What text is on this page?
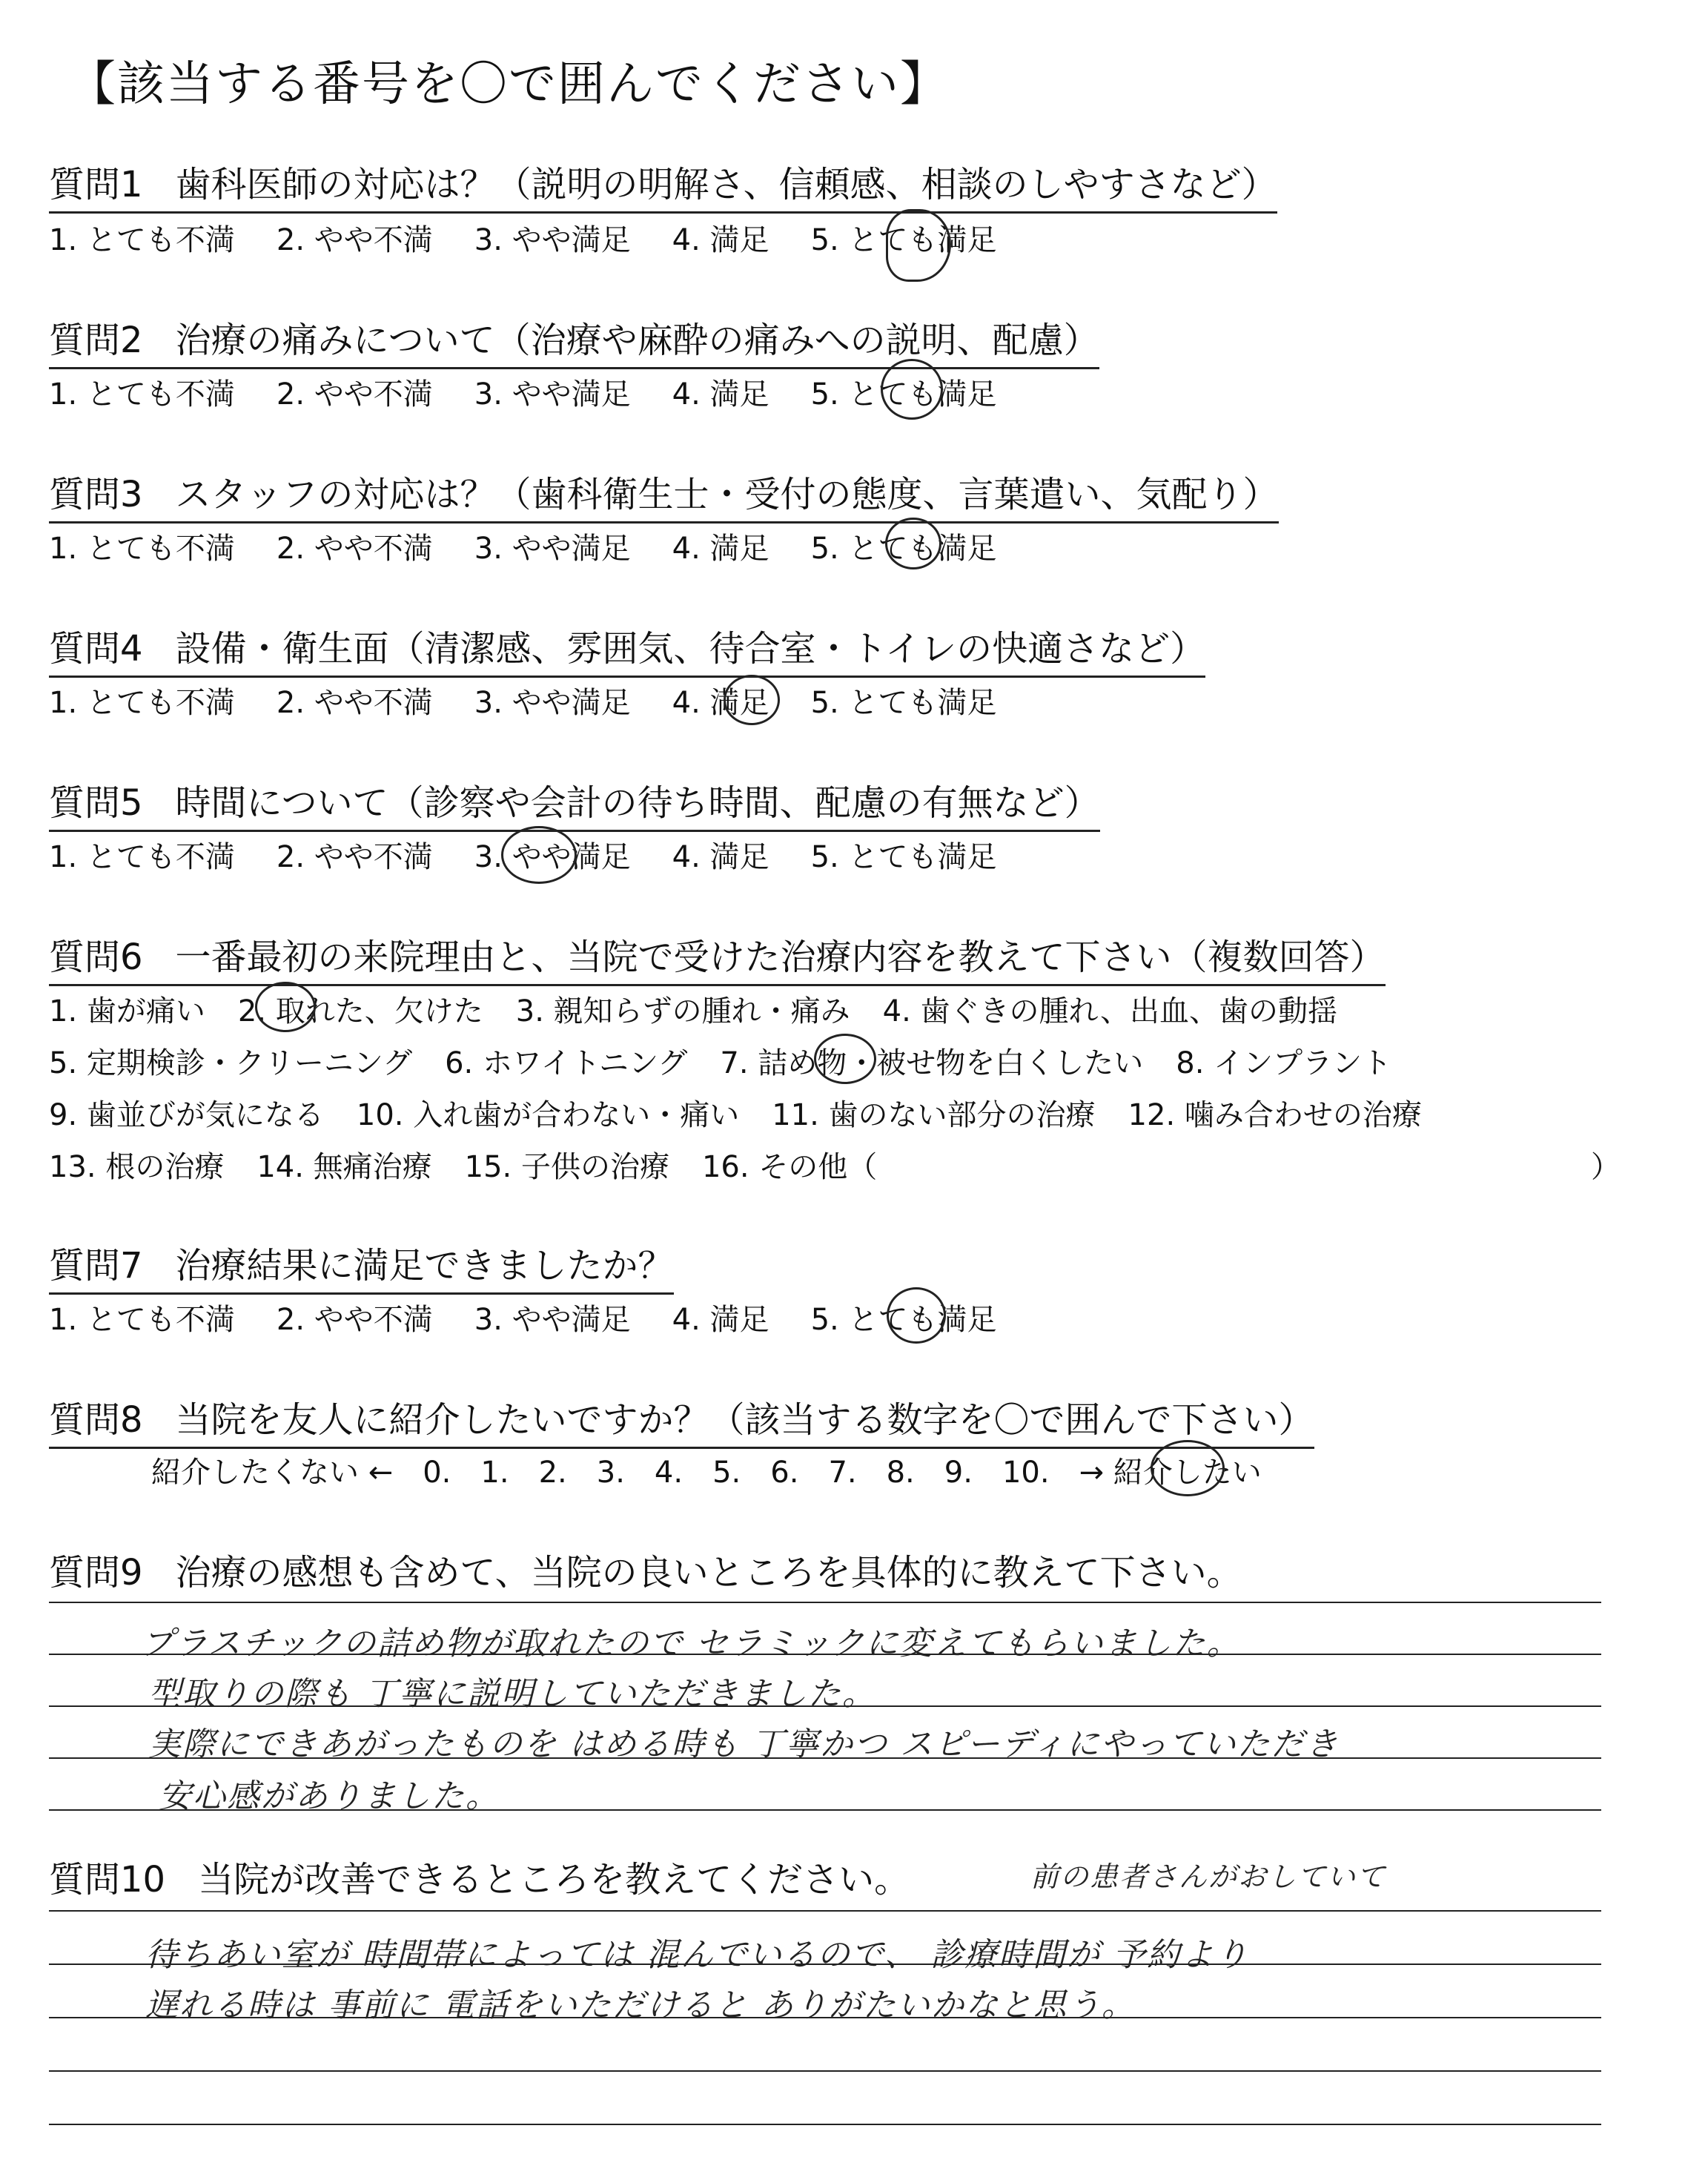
【該当する番号を〇で囲んでください】
質問1 歯科医師の対応は？（説明の明解さ、信頼感、相談のしやすさなど）
1. とても不満 2. やや不満 3. やや満足 4. 満足 5. とても満足
質問2 治療の痛みについて（治療や麻酔の痛みへの説明、配慮）
1. とても不満 2. やや不満 3. やや満足 4. 満足 5. とても満足
質問3 スタッフの対応は？（歯科衛生士・受付の態度、言葉遣い、気配り）
1. とても不満 2. やや不満 3. やや満足 4. 満足 5. とても満足
質問4 設備・衛生面（清潔感、雰囲気、待合室・トイレの快適さなど）
1. とても不満 2. やや不満 3. やや満足 4. 満足 5. とても満足
質問5 時間について（診察や会計の待ち時間、配慮の有無など）
1. とても不満 2. やや不満 3. やや満足 4. 満足 5. とても満足
質問6 一番最初の来院理由と、当院で受けた治療内容を教えて下さい（複数回答）
1. 歯が痛い 2. 取れた、欠けた 3. 親知らずの腫れ・痛み 4. 歯ぐきの腫れ、出血、歯の動揺
5. 定期検診・クリーニング 6. ホワイトニング 7. 詰め物・被せ物を白くしたい 8. インプラント
9. 歯並びが気になる 10. 入れ歯が合わない・痛い 11. 歯のない部分の治療 12. 噛み合わせの治療
13. 根の治療 14. 無痛治療 15. 子供の治療 16. その他（	）
質問7 治療結果に満足できましたか？
1. とても不満 2. やや不満 3. やや満足 4. 満足 5. とても満足
質問8 当院を友人に紹介したいですか？（該当する数字を〇で囲んで下さい）
紹介したくない ← 0. 1. 2. 3. 4. 5. 6. 7. 8. 9. 10. → 紹介したい
質問9 治療の感想も含めて、当院の良いところを具体的に教えて下さい。
プラスチックの詰め物が取れたので セラミックに変えてもらいました。
型取りの際も 丁寧に説明していただきました。
実際にできあがったものを はめる時も 丁寧かつ スピーディにやっていただき
安心感がありました。
質問10 当院が改善できるところを教えてください。	前の患者さんがおしていて
待ちあい室が 時間帯によっては 混んでいるので、 診療時間が 予約より
遅れる時は 事前に 電話をいただけると ありがたいかなと思う。
